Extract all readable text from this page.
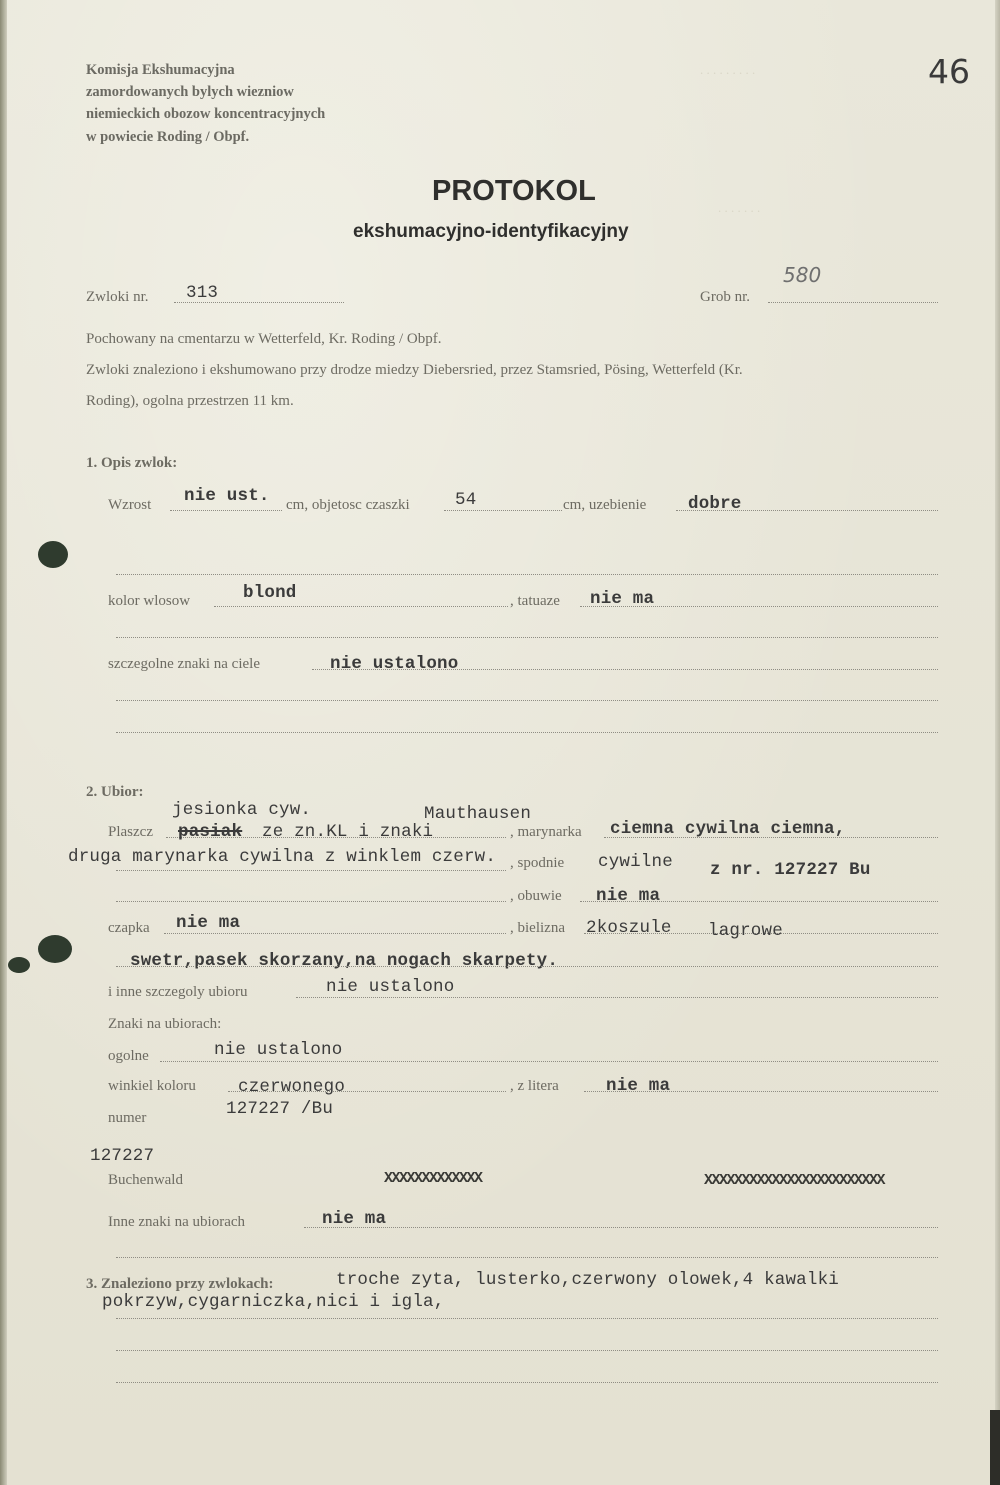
. . . . . . . . .
. . . . . . .
46
Komisja Ekshumacyjna
zamordowanych bylych wiezniow
niemieckich obozow koncentracyjnych
w powiecie Roding / Obpf.
PROTOKOL
ekshumacyjno-identyfikacyjny
Zwloki nr. 313	Grob nr.
580
Pochowany na cmentarzu w Wetterfeld, Kr. Roding / Obpf.
Zwloki znaleziono i ekshumowano przy drodze miedzy Diebersried, przez Stamsried, Pösing, Wetterfeld (Kr.
Roding), ogolna przestrzen 11 km.
1. Opis zwlok:
Wzrost nie ust. cm, objetosc czaszki	54	cm, uzebienie dobre
kolor wlosow	blond	, tatuaze nie ma
szczegolne znaki na ciele	nie ustalono
2. Ubior:
jesionka cyw.	Mauthausen
Plaszcz pasiak ze zn.KL i znaki	, marynarka ciemna cywilna ciemna,
druga marynarka cywilna z winklem czerw. , spodnie cywilne z nr. 127227 Bu
, obuwie nie ma
czapka nie ma	, bielizna 2koszule lagrowe
swetr,pasek skorzany,na nogach skarpety.
i inne szczegoly ubioru	nie ustalono
Znaki na ubiorach:
ogolne	nie ustalono
winkiel koloru czerwonego	, z litera	nie ma
numer	127227 /Bu
127227
Buchenwald	XXXXXXXXXXXXX	XXXXXXXXXXXXXXXXXXXXXXXX
Inne znaki na ubiorach	nie ma
3. Znaleziono przy zwlokach:	troche zyta, lusterko,czerwony olowek,4 kawalki
pokrzyw,cygarniczka,nici i igla,
